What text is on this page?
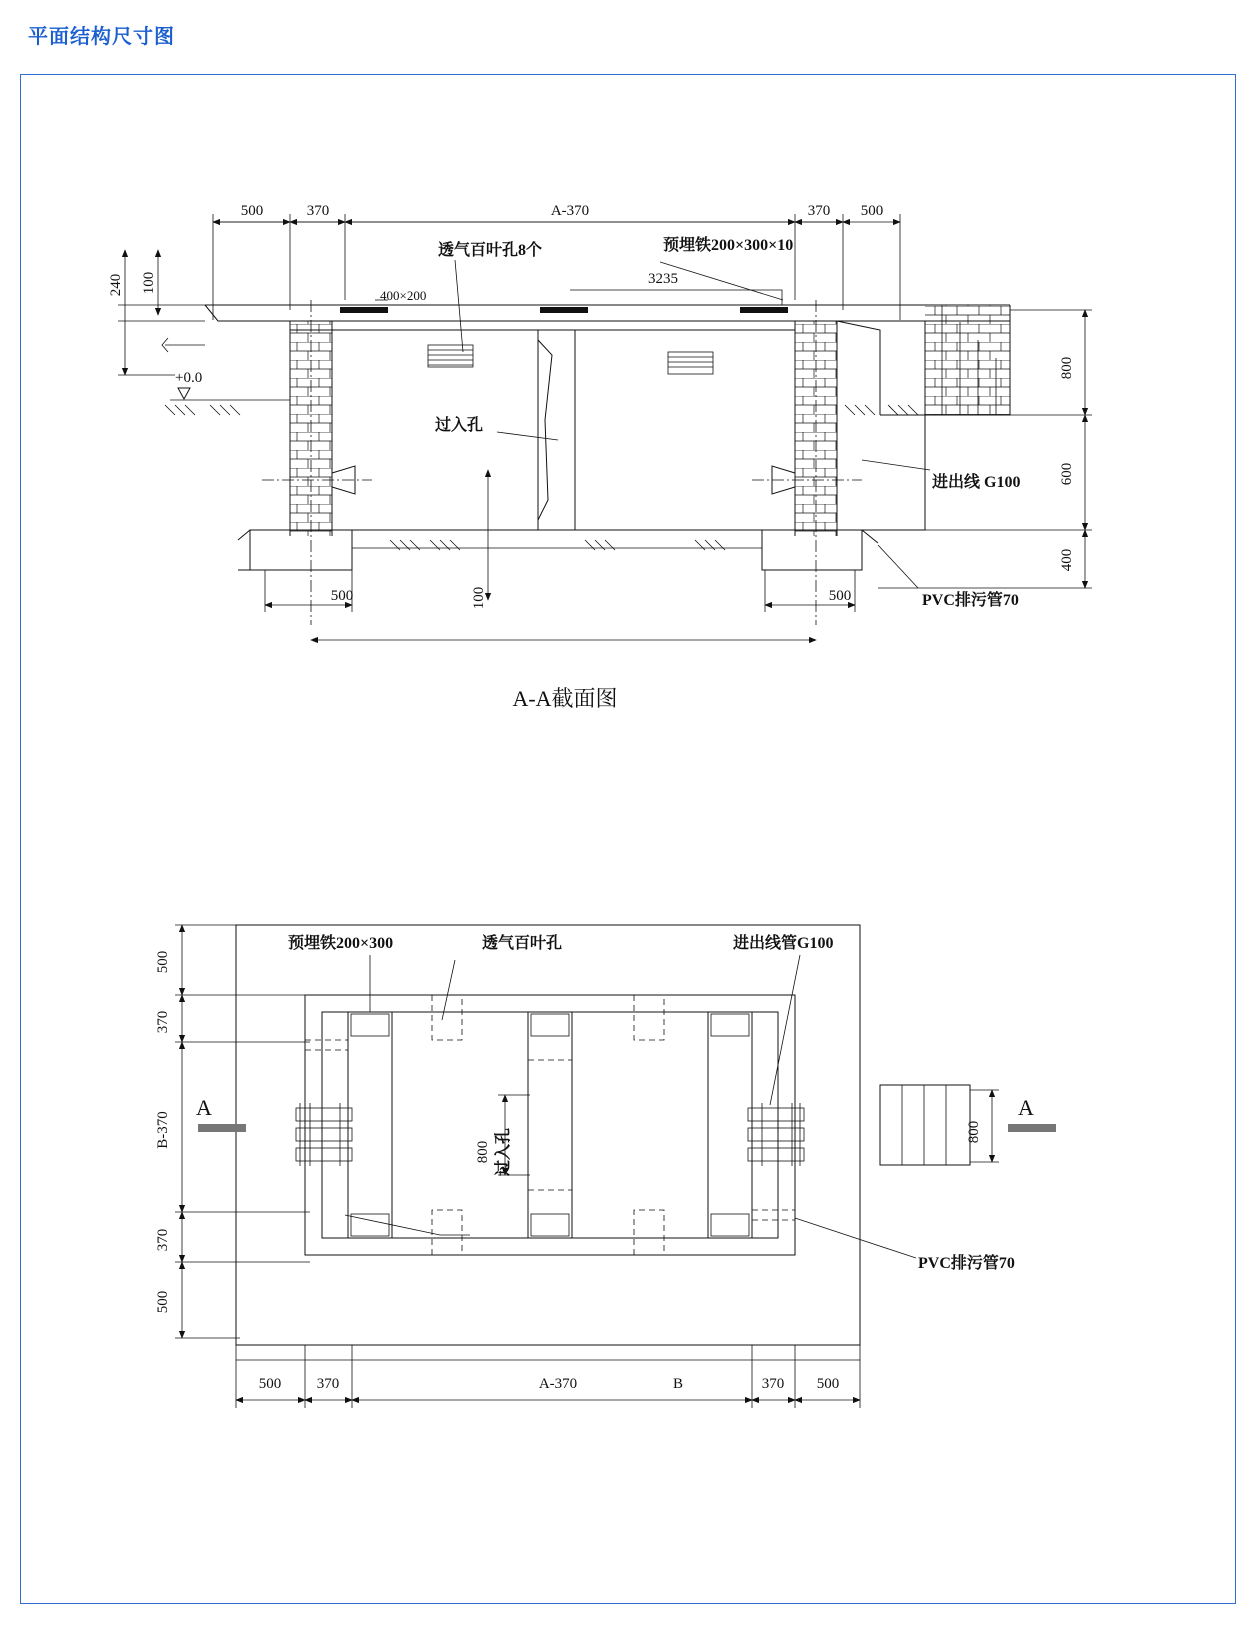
平面结构尺寸图
500	370	A-370	370 500
240 100
透气百叶孔8个	预埋铁200×300×10
3235
400×200
+0.0
过入孔
进出线 G100
PVC排污管70
800
600
400
500	100	500
A-A截面图
500
370
B-370
370
500
A	A
预埋铁200×300	透气百叶孔	进出线管G100
PVC排污管70
800 过入孔	800
500 370	A-370	B	370 500
